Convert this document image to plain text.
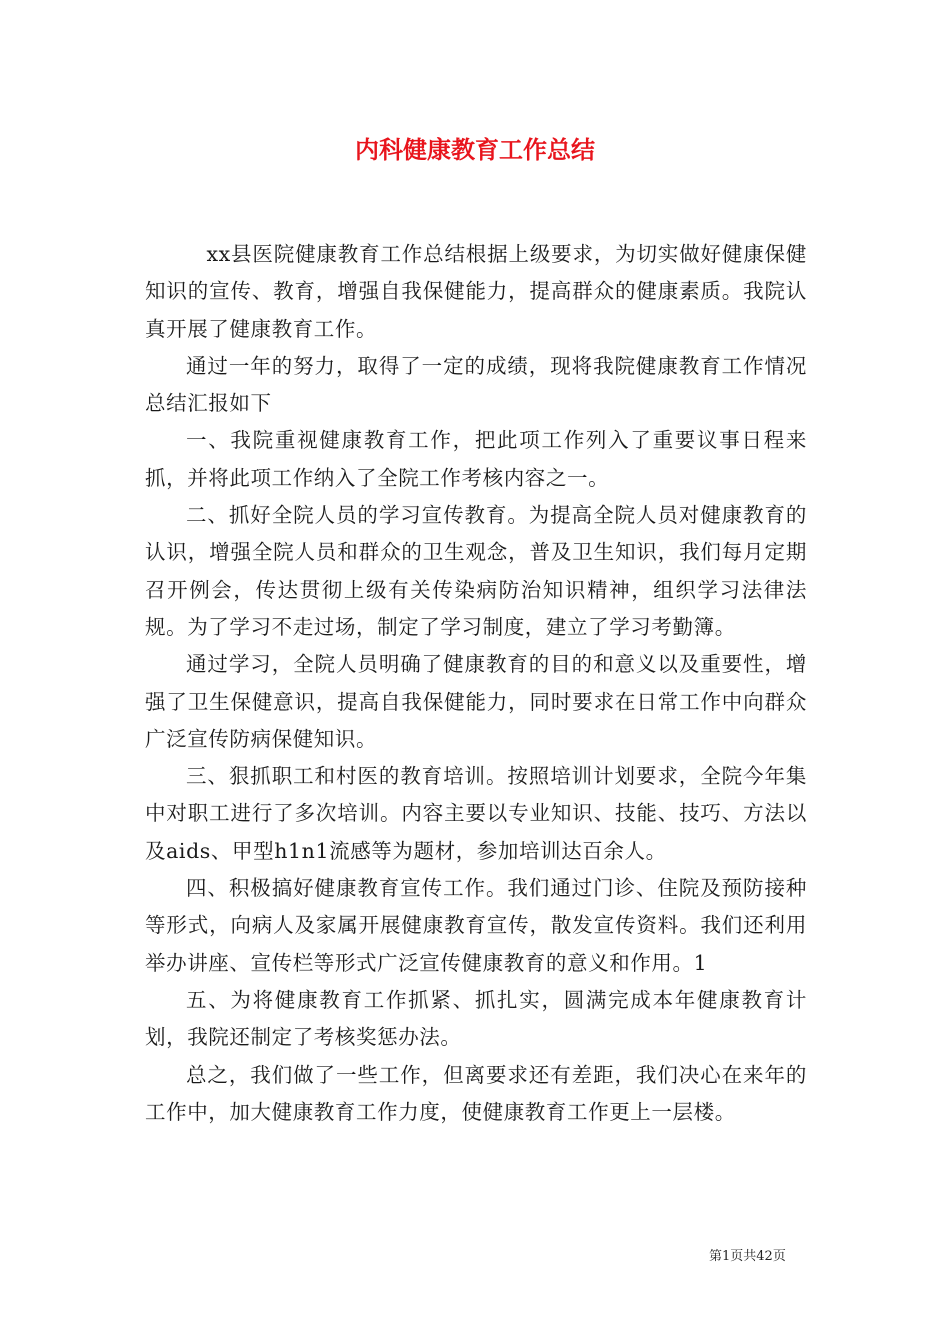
内科健康教育工作总结

xx县医院健康教育工作总结根据上级要求，为切实做好健康保健知识的宣传、教育，增强自我保健能力，提高群众的健康素质。我院认真开展了健康教育工作。

通过一年的努力，取得了一定的成绩，现将我院健康教育工作情况总结汇报如下

一、我院重视健康教育工作，把此项工作列入了重要议事日程来抓，并将此项工作纳入了全院工作考核内容之一。

二、抓好全院人员的学习宣传教育。为提高全院人员对健康教育的认识，增强全院人员和群众的卫生观念，普及卫生知识，我们每月定期召开例会，传达贯彻上级有关传染病防治知识精神，组织学习法律法规。为了学习不走过场，制定了学习制度，建立了学习考勤簿。

通过学习，全院人员明确了健康教育的目的和意义以及重要性，增强了卫生保健意识，提高自我保健能力，同时要求在日常工作中向群众广泛宣传防病保健知识。

三、狠抓职工和村医的教育培训。按照培训计划要求，全院今年集中对职工进行了多次培训。内容主要以专业知识、技能、技巧、方法以及aids、甲型h1n1流感等为题材，参加培训达百余人。

四、积极搞好健康教育宣传工作。我们通过门诊、住院及预防接种等形式，向病人及家属开展健康教育宣传，散发宣传资料。我们还利用举办讲座、宣传栏等形式广泛宣传健康教育的意义和作用。1

五、为将健康教育工作抓紧、抓扎实，圆满完成本年健康教育计划，我院还制定了考核奖惩办法。

总之，我们做了一些工作，但离要求还有差距，我们决心在来年的工作中，加大健康教育工作力度，使健康教育工作更上一层楼。

第1页共42页
